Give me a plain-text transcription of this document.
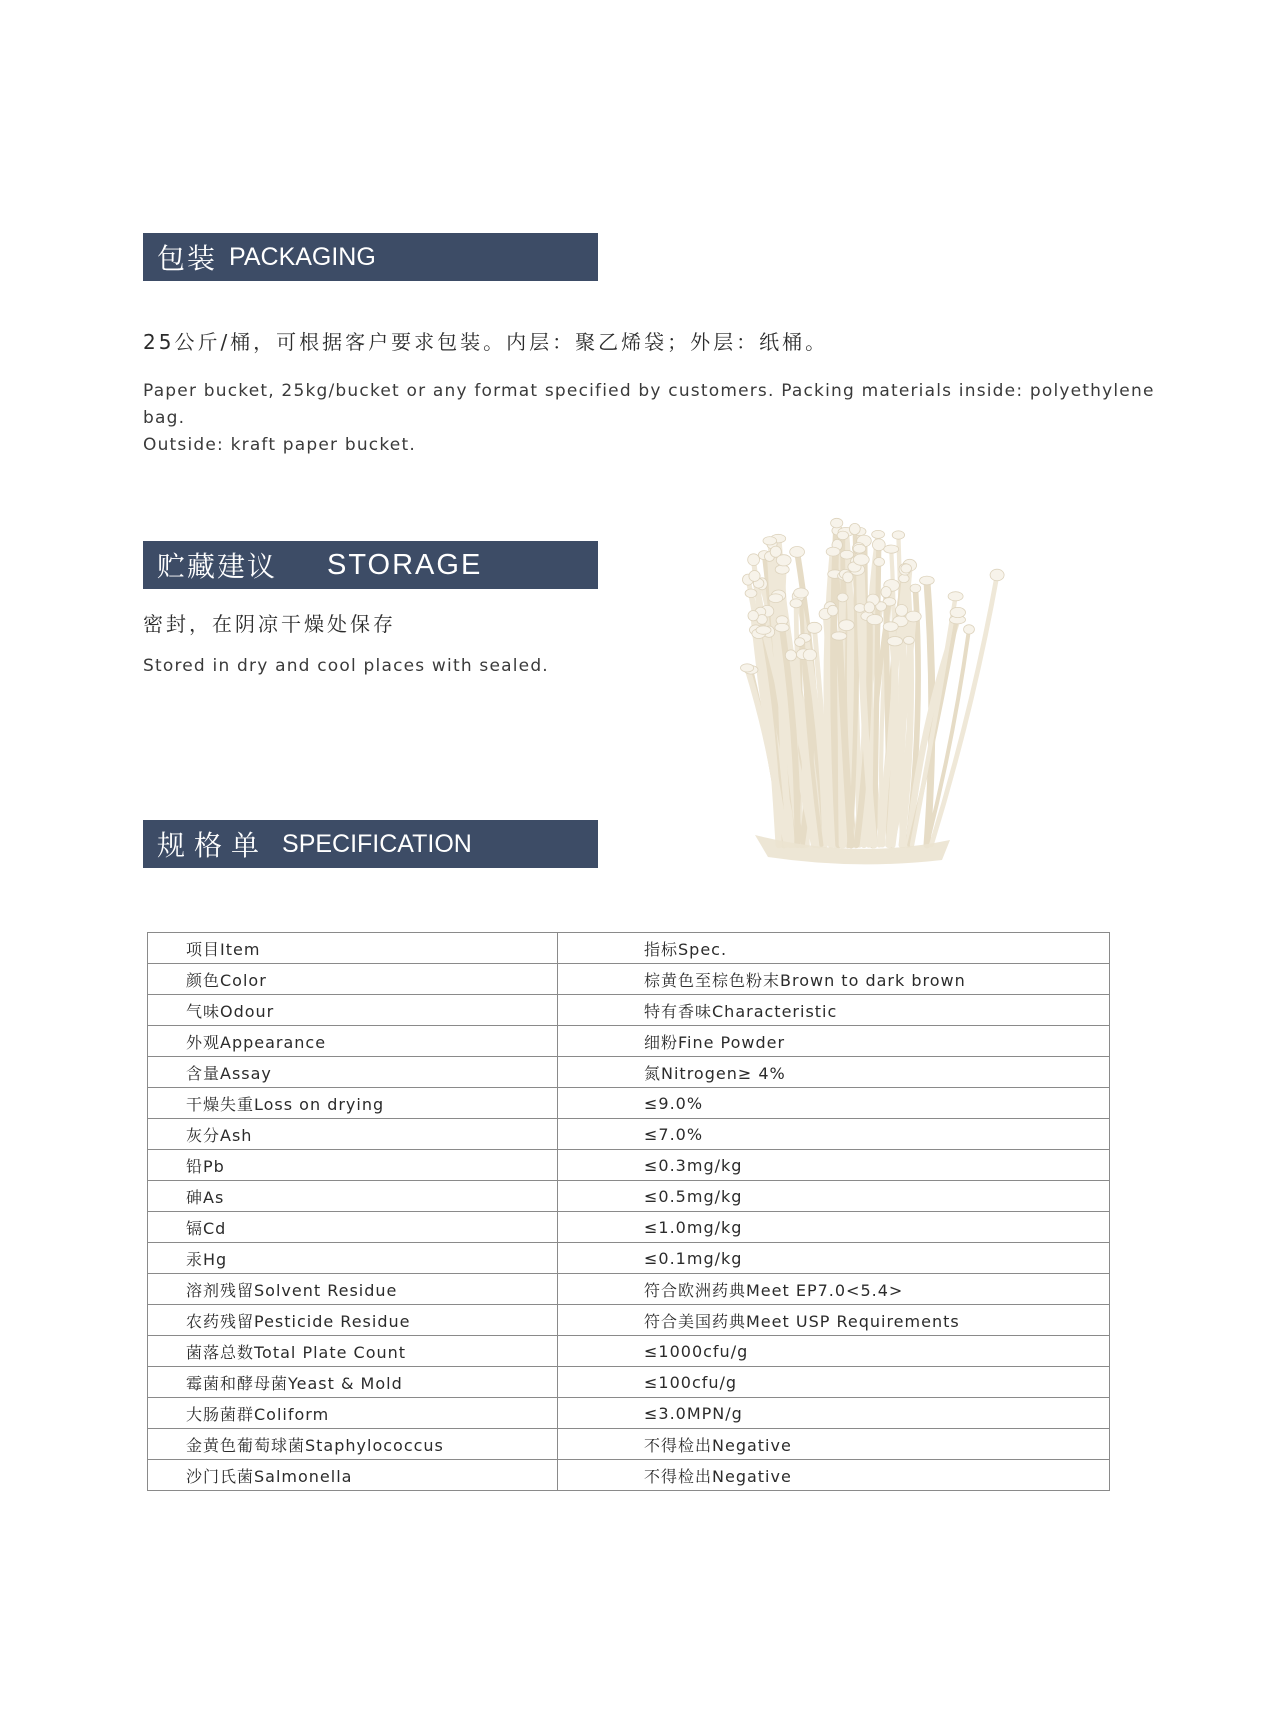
包装 PACKAGING
25公斤/桶，可根据客户要求包装。内层：聚乙烯袋；外层：纸桶。
Paper bucket, 25kg/bucket or any format specified by customers. Packing materials inside: polyethylene bag.
Outside: kraft paper bucket.
贮藏建议 STORAGE
密封，在阴凉干燥处保存
Stored in dry and cool places with sealed.
规格单 SPECIFICATION
项目Item	指标Spec.
颜色Color	棕黄色至棕色粉末Brown to dark brown
气味Odour	特有香味Characteristic
外观Appearance	细粉Fine Powder
含量Assay	氮Nitrogen≥ 4%
干燥失重Loss on drying	≤9.0%
灰分Ash	≤7.0%
铅Pb	≤0.3mg/kg
砷As	≤0.5mg/kg
镉Cd	≤1.0mg/kg
汞Hg	≤0.1mg/kg
溶剂残留Solvent Residue	符合欧洲药典Meet EP7.0<5.4>
农药残留Pesticide Residue	符合美国药典Meet USP Requirements
菌落总数Total Plate Count	≤1000cfu/g
霉菌和酵母菌Yeast & Mold	≤100cfu/g
大肠菌群Coliform	≤3.0MPN/g
金黄色葡萄球菌Staphylococcus	不得检出Negative
沙门氏菌Salmonella	不得检出Negative
